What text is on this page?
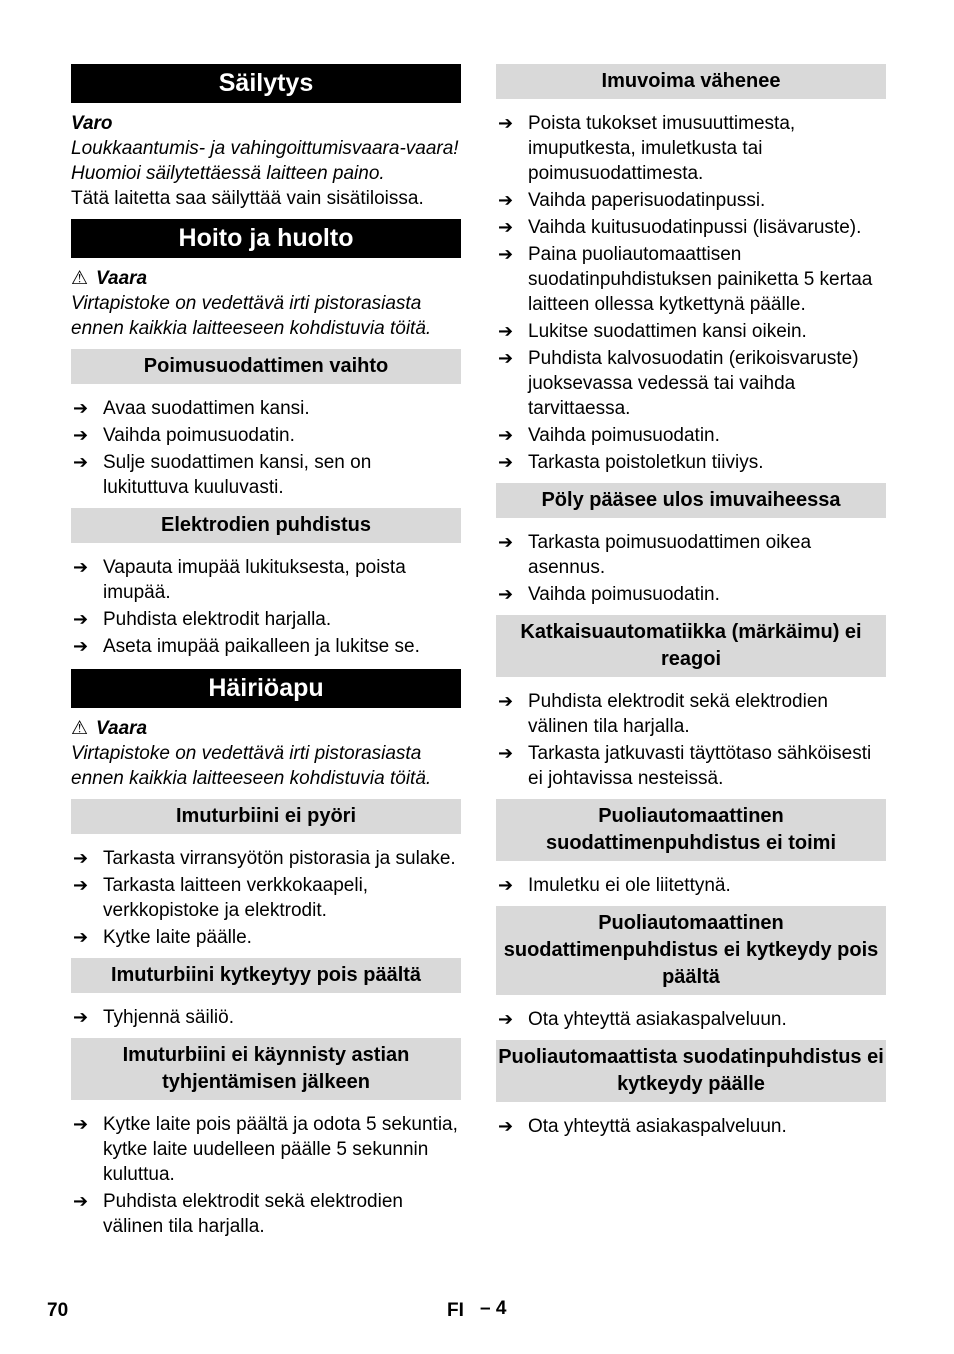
Säilytys

Varo

Loukkaantumis- ja vahingoittumisvaara-vaara! Huomioi säilytettäessä laitteen paino.

Tätä laitetta saa säilyttää vain sisätiloissa.

Hoito ja huolto

⚠ Vaara

Virtapistoke on vedettävä irti pistorasiasta ennen kaikkia laitteeseen kohdistuvia töitä.

Poimusuodattimen vaihto
➔ Avaa suodattimen kansi.
➔ Vaihda poimusuodatin.
➔ Sulje suodattimen kansi, sen on lukituttuva kuuluvasti.
Elektrodien puhdistus
➔ Vapauta imupää lukituksesta, poista imupää.
➔ Puhdista elektrodit harjalla.
➔ Aseta imupää paikalleen ja lukitse se.
Häiriöapu

⚠ Vaara

Virtapistoke on vedettävä irti pistorasiasta ennen kaikkia laitteeseen kohdistuvia töitä.

Imuturbiini ei pyöri
➔ Tarkasta virransyötön pistorasia ja sulake.
➔ Tarkasta laitteen verkkokaapeli, verkkopistoke ja elektrodit.
➔ Kytke laite päälle.
Imuturbiini kytkeytyy pois päältä
➔ Tyhjennä säiliö.
Imuturbiini ei käynnisty astian tyhjentämisen jälkeen
➔ Kytke laite pois päältä ja odota 5 sekuntia, kytke laite uudelleen päälle 5 sekunnin kuluttua.
➔ Puhdista elektrodit sekä elektrodien välinen tila harjalla.
Imuvoima vähenee
➔ Poista tukokset imusuuttimesta, imuputkesta, imuletkusta tai poimusuodattimesta.
➔ Vaihda paperisuodatinpussi.
➔ Vaihda kuitusuodatinpussi (lisävaruste).
➔ Paina puoliautomaattisen suodatinpuhdistuksen painiketta 5 kertaa laitteen ollessa kytkettynä päälle.
➔ Lukitse suodattimen kansi oikein.
➔ Puhdista kalvosuodatin (erikoisvaruste) juoksevassa vedessä tai vaihda tarvittaessa.
➔ Vaihda poimusuodatin.
➔ Tarkasta poistoletkun tiiviys.
Pöly pääsee ulos imuvaiheessa
➔ Tarkasta poimusuodattimen oikea asennus.
➔ Vaihda poimusuodatin.
Katkaisuautomatiikka (märkäimu) ei reagoi
➔ Puhdista elektrodit sekä elektrodien välinen tila harjalla.
➔ Tarkasta jatkuvasti täyttötaso sähköisesti ei johtavissa nesteissä.
Puoliautomaattinen suodattimenpuhdistus ei toimi
➔ Imuletku ei ole liitettynä.
Puoliautomaattinen suodattimenpuhdistus ei kytkeydy pois päältä
➔ Ota yhteyttä asiakaspalveluun.
Puoliautomaattista suodatinpuhdistus ei kytkeydy päälle
➔ Ota yhteyttä asiakaspalveluun.
70	FI – 4
